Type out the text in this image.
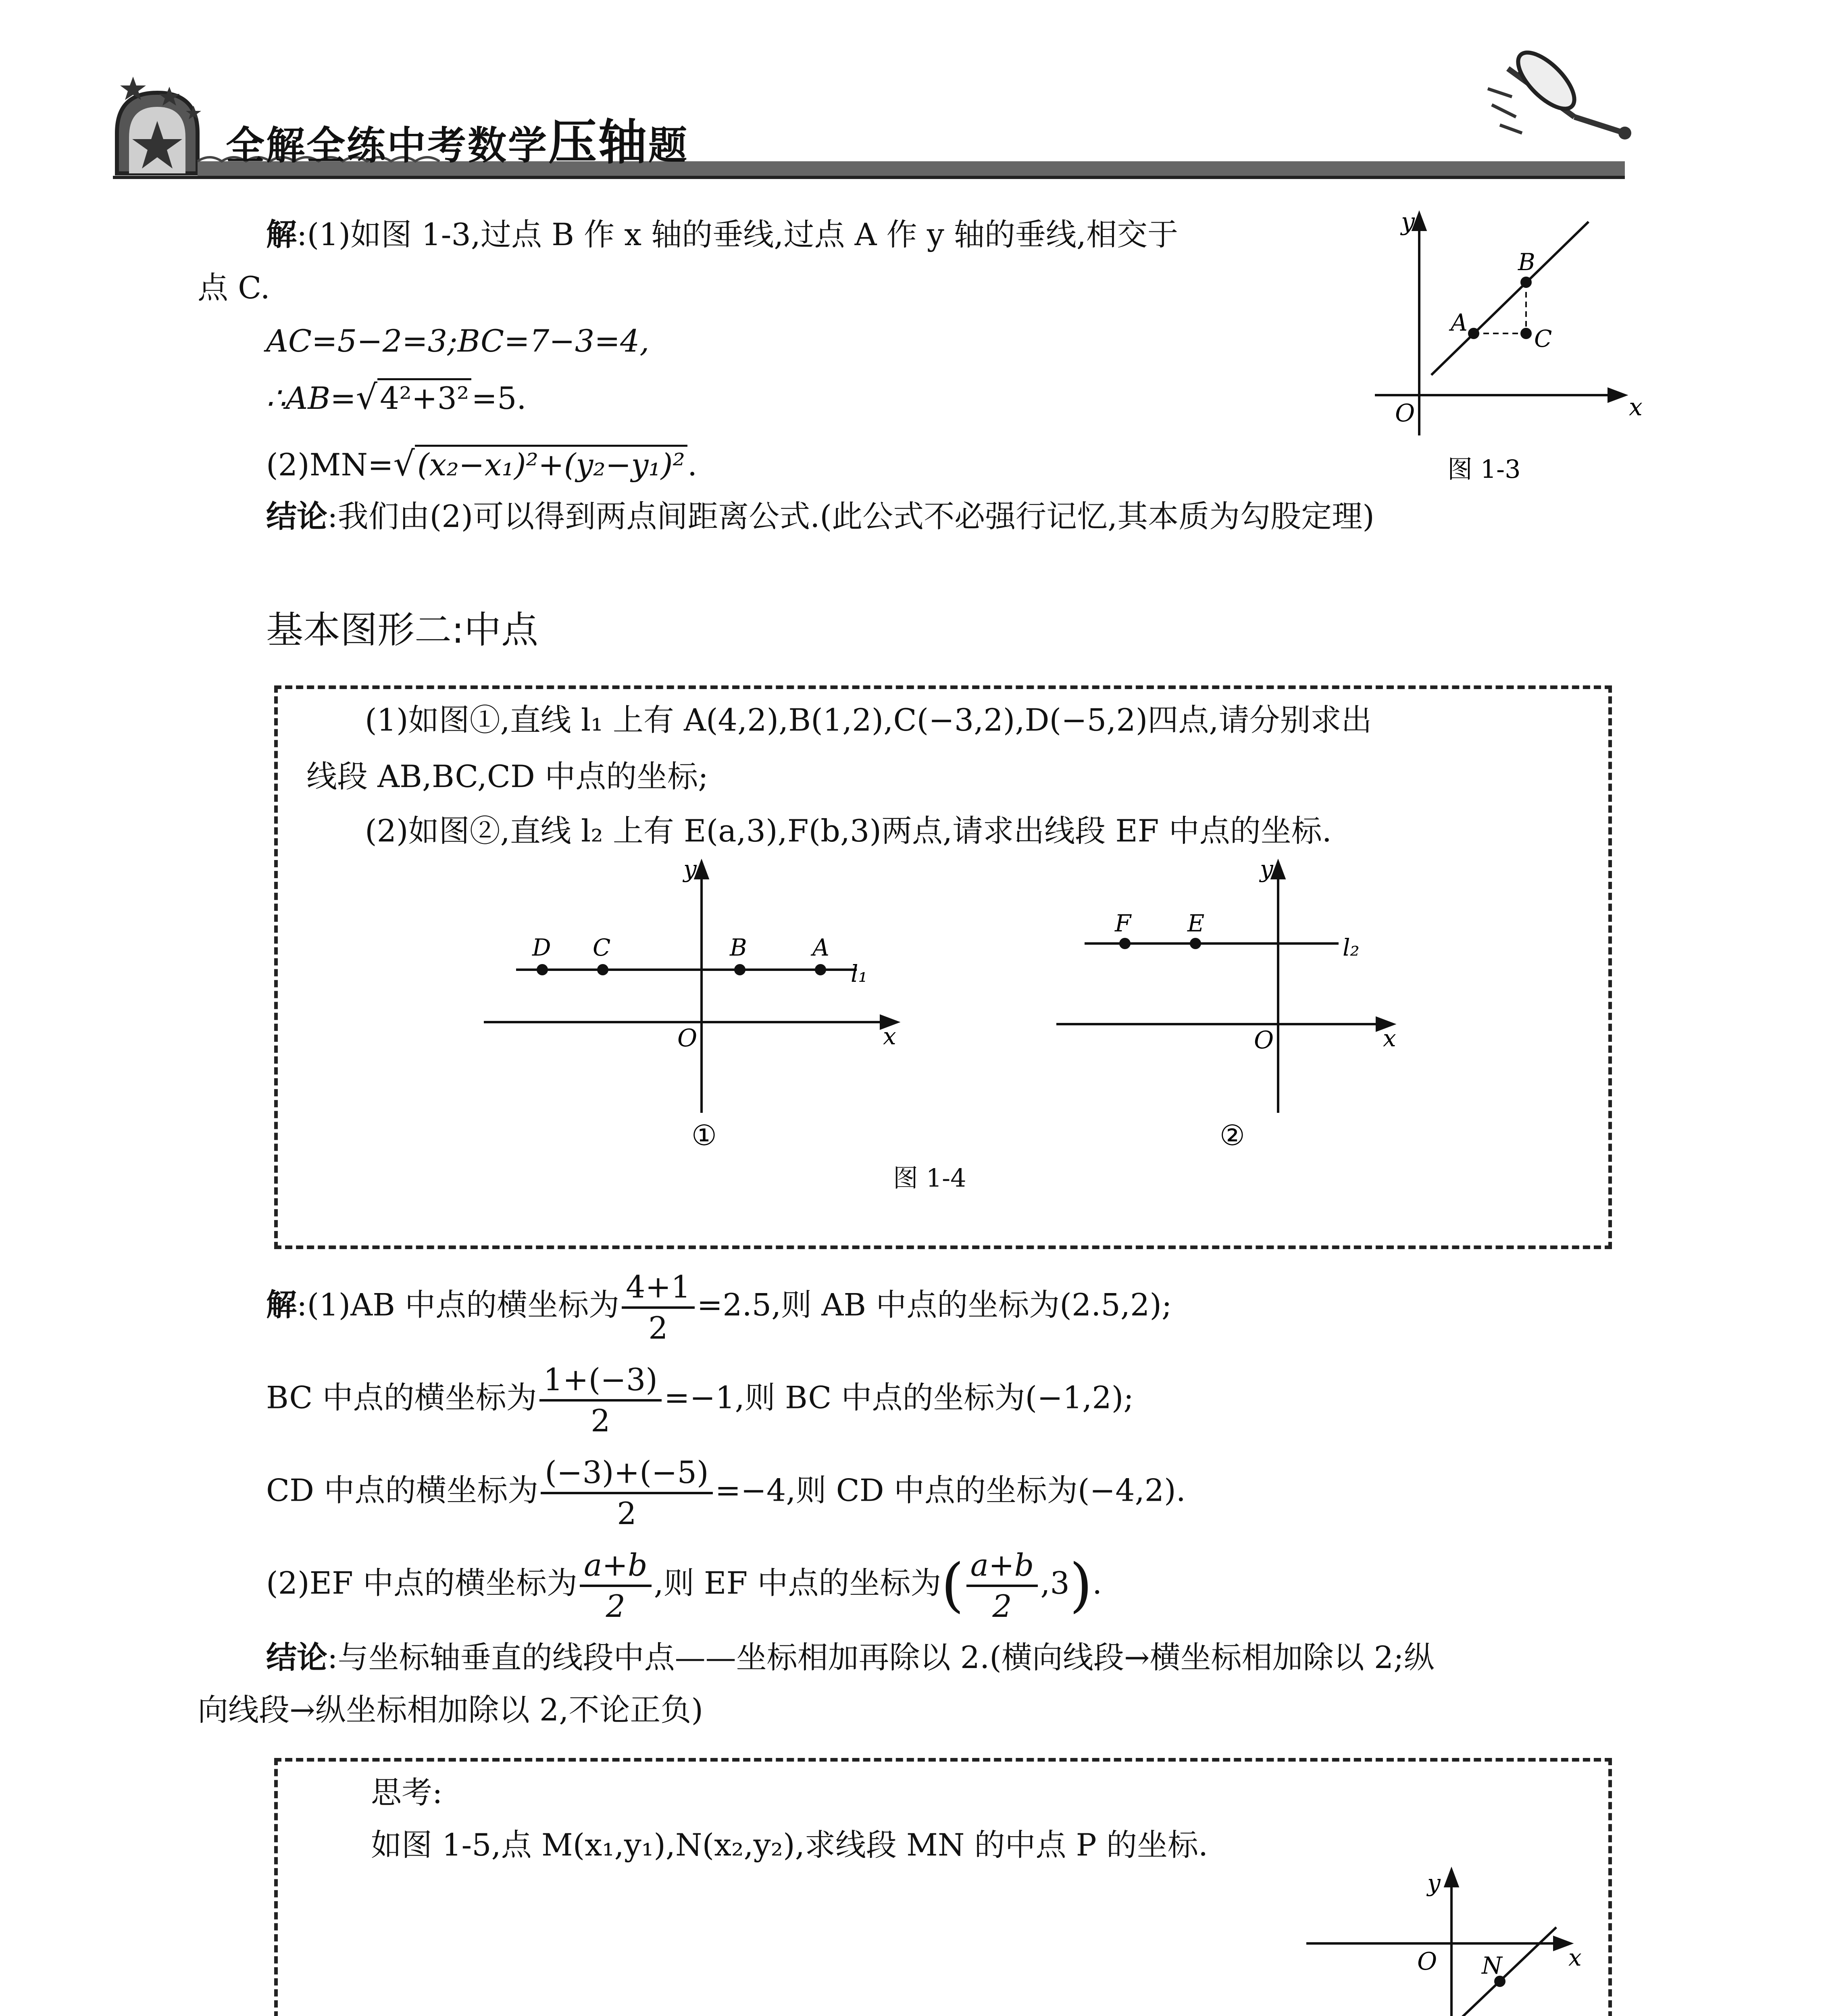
全解全练中考数学压轴题
解:(1)如图 1-3,过点 B 作 x 轴的垂线,过点 A 作 y 轴的垂线,相交于
点 C.
AC=5−2=3;BC=7−3=4,
∴AB=√4²+3²=5.
(2)MN=√(x₂−x₁)²+(y₂−y₁)².
结论:我们由(2)可以得到两点间距离公式.(此公式不必强行记忆,其本质为勾股定理)
x
y
O
A
B
C
图 1-3
基本图形二:中点
(1)如图①,直线 l₁ 上有 A(4,2),B(1,2),C(−3,2),D(−5,2)四点,请分别求出
线段 AB,BC,CD 中点的坐标;
(2)如图②,直线 l₂ 上有 E(a,3),F(b,3)两点,请求出线段 EF 中点的坐标.
y
x
O
D C	B	A
l₁
①
y
x
O
F E
l₂
②
图 1-4
解:(1)AB 中点的横坐标为 $\frac{4+1}{2} =2.5$,则 AB 中点的坐标为(2.5,2);
BC 中点的横坐标为 $\frac{1+(-3)}{2} =-1$,则 BC 中点的坐标为(−1,2);
CD 中点的横坐标为 $\frac{(-3)+(-5)}{2} =-4$,则 CD 中点的坐标为(−4,2).
(2)EF 中点的横坐标为 $\frac{a+b}{2}$ ,则 EF 中点的坐标为( $\frac{a+b}{2} ,3$).
结论:与坐标轴垂直的线段中点——坐标相加再除以 2.(横向线段→横坐标相加除以 2;纵
向线段→纵坐标相加除以 2,不论正负)
思考:
如图 1-5,点 M(x₁,y₁),N(x₂,y₂),求线段 MN 的中点 P 的坐标.
y
x
O N
